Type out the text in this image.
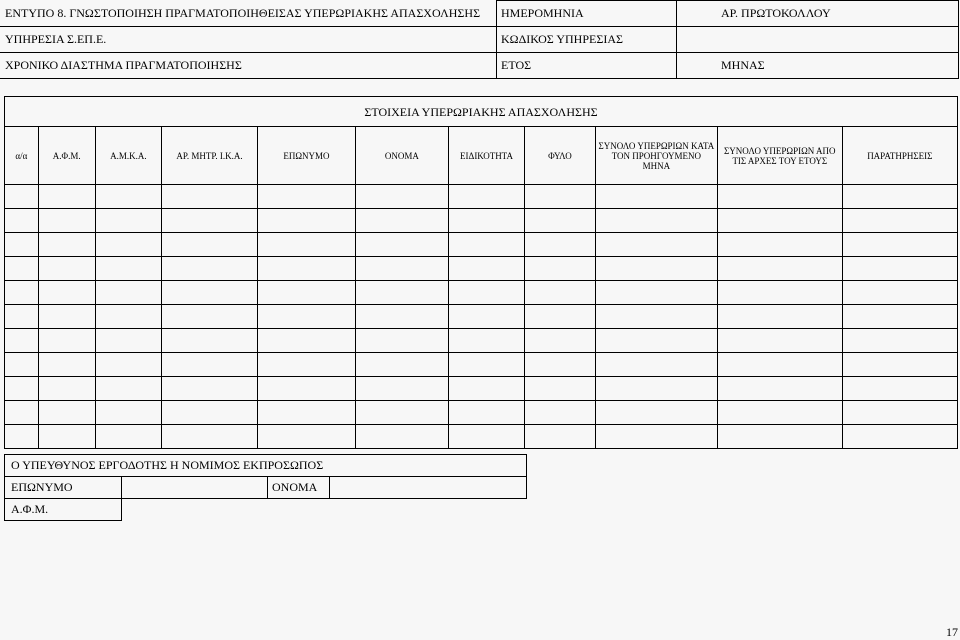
ΕΝΤΥΠΟ 8. ΓΝΩΣΤΟΠΟΙΗΣΗ ΠΡΑΓΜΑΤΟΠΟΙΗΘΕΙΣΑΣ ΥΠΕΡΩΡΙΑΚΗΣ ΑΠΑΣΧΟΛΗΣΗΣ	ΗΜΕΡΟΜΗΝΙΑ	ΑΡ. ΠΡΩΤΟΚΟΛΛΟΥ
ΥΠΗΡΕΣΙΑ Σ.ΕΠ.Ε.	ΚΩΔΙΚΟΣ ΥΠΗΡΕΣΙΑΣ	
ΧΡΟΝΙΚΟ ΔΙΑΣΤΗΜΑ ΠΡΑΓΜΑΤΟΠΟΙΗΣΗΣ	ΕΤΟΣ	ΜΗΝΑΣ
ΣΤΟΙΧΕΙΑ ΥΠΕΡΩΡΙΑΚΗΣ ΑΠΑΣΧΟΛΗΣΗΣ										
α/α	Α.Φ.Μ.	Α.Μ.Κ.Α.	ΑΡ. ΜΗΤΡ. Ι.Κ.Α.	ΕΠΩΝΥΜΟ	ΟΝΟΜΑ	ΕΙΔΙΚΟΤΗΤΑ	ΦΥΛΟ	ΣΥΝΟΛΟ ΥΠΕΡΩΡΙΩΝ ΚΑΤΑ ΤΟΝ ΠΡΟΗΓΟΥΜΕΝΟ ΜΗΝΑ	ΣΥΝΟΛΟ ΥΠΕΡΩΡΙΩΝ ΑΠΟ ΤΙΣ ΑΡΧΕΣ ΤΟΥ ΕΤΟΥΣ	ΠΑΡΑΤΗΡΗΣΕΙΣ

Ο ΥΠΕΥΘΥΝΟΣ ΕΡΓΟΔΟΤΗΣ Η ΝΟΜΙΜΟΣ ΕΚΠΡΟΣΩΠΟΣ			
ΕΠΩΝΥΜΟ		ΟΝΟΜΑ	
Α.Φ.Μ.			
17
